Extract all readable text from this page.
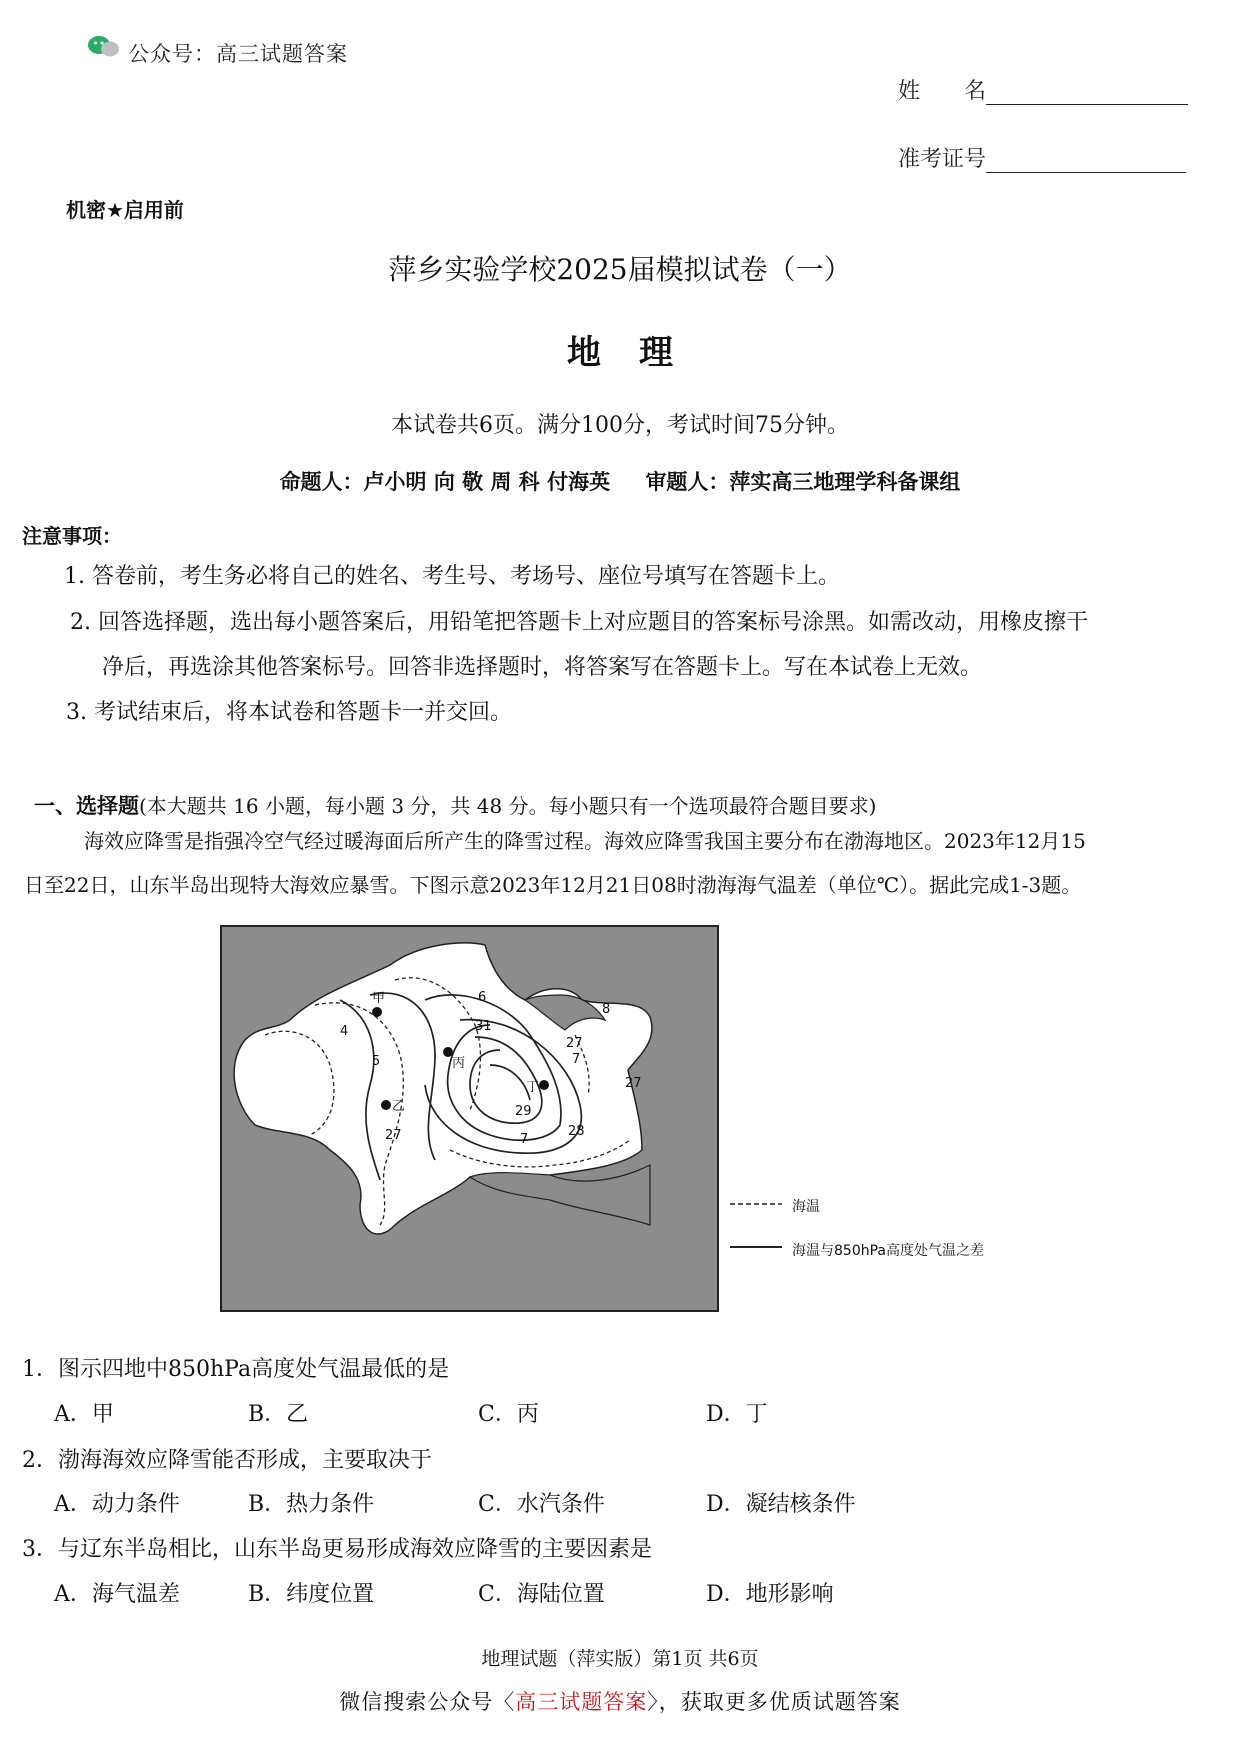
公众号：高三试题答案
姓　　名
准考证号
机密★启用前
萍乡实验学校2025届模拟试卷（一）
地理
本试卷共6页。满分100分，考试时间75分钟。
命题人：卢小明 向 敬 周 科 付海英 审题人：萍实高三地理学科备课组
注意事项：
1. 答卷前，考生务必将自己的姓名、考生号、考场号、座位号填写在答题卡上。
2. 回答选择题，选出每小题答案后，用铅笔把答题卡上对应题目的答案标号涂黑。如需改动，用橡皮擦干
净后，再选涂其他答案标号。回答非选择题时，将答案写在答题卡上。写在本试卷上无效。
3. 考试结束后，将本试卷和答题卡一并交回。
一、选择题(本大题共 16 小题，每小题 3 分，共 48 分。每小题只有一个选项最符合题目要求)
海效应降雪是指强冷空气经过暖海面后所产生的降雪过程。海效应降雪我国主要分布在渤海地区。2023年12月15
日至22日，山东半岛出现特大海效应暴雪。下图示意2023年12月21日08时渤海海气温差（单位℃）。据此完成1-3题。
甲
乙
丙
丁
4
5
6
31
29
28
27
27
27
7
7
8
海温
海温与850hPa高度处气温之差
1．图示四地中850hPa高度处气温最低的是
A．甲	B．乙	C．丙	D．丁
2．渤海海效应降雪能否形成，主要取决于
A．动力条件	B．热力条件	C．水汽条件	D．凝结核条件
3．与辽东半岛相比，山东半岛更易形成海效应降雪的主要因素是
A．海气温差	B．纬度位置	C．海陆位置	D．地形影响
地理试题（萍实版）第1页 共6页
微信搜索公众号〈高三试题答案〉，获取更多优质试题答案
